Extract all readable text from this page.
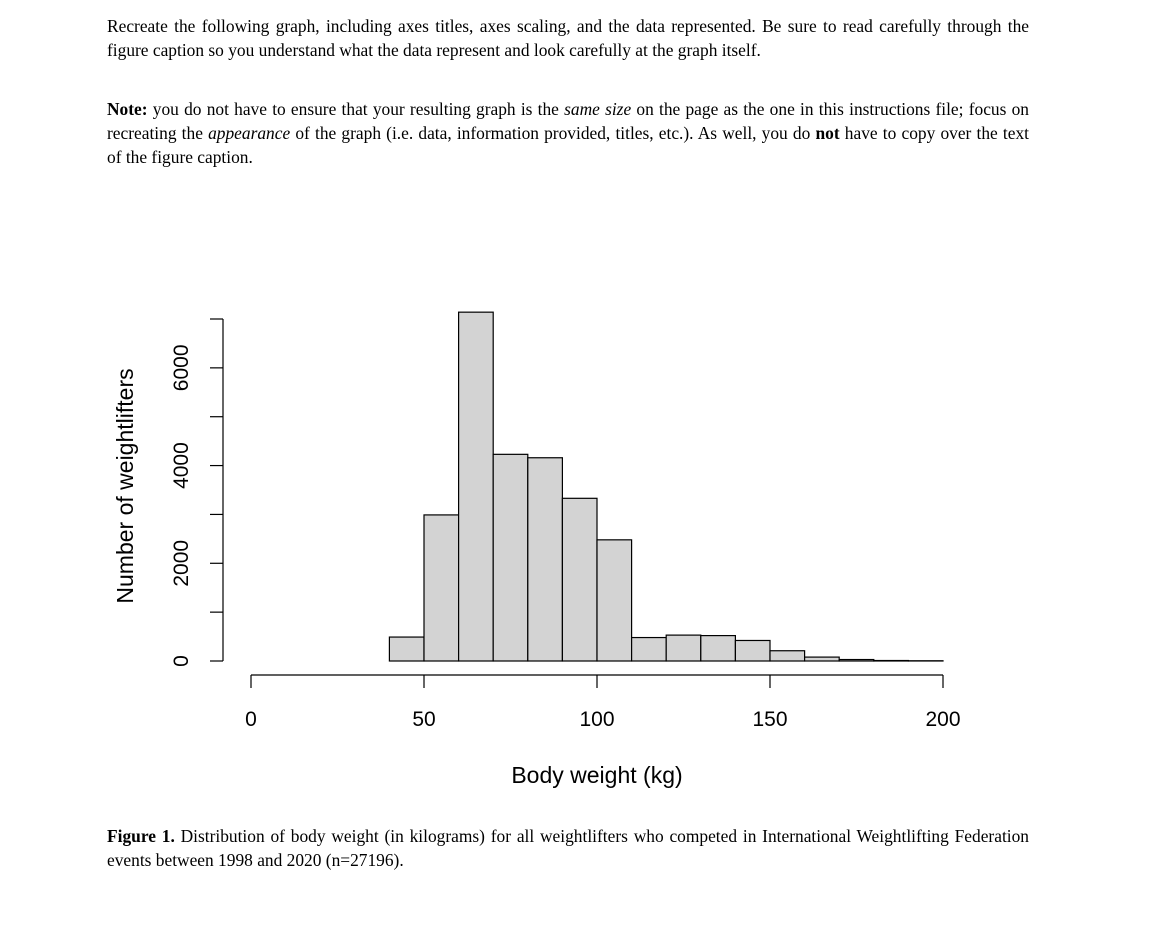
Recreate the following graph, including axes titles, axes scaling, and the data represented. Be sure to read carefully through the figure caption so you understand what the data represent and look carefully at the graph itself.
Note: you do not have to ensure that your resulting graph is the same size on the page as the one in this instructions file; focus on recreating the appearance of the graph (i.e. data, information provided, titles, etc.). As well, you do not have to copy over the text of the figure caption.
0	50	100	150	200
0
2000
4000
6000
Body weight (kg)
Number of weightlifters
Figure 1. Distribution of body weight (in kilograms) for all weightlifters who competed in International Weightlifting Federation events between 1998 and 2020 (n=27196).
